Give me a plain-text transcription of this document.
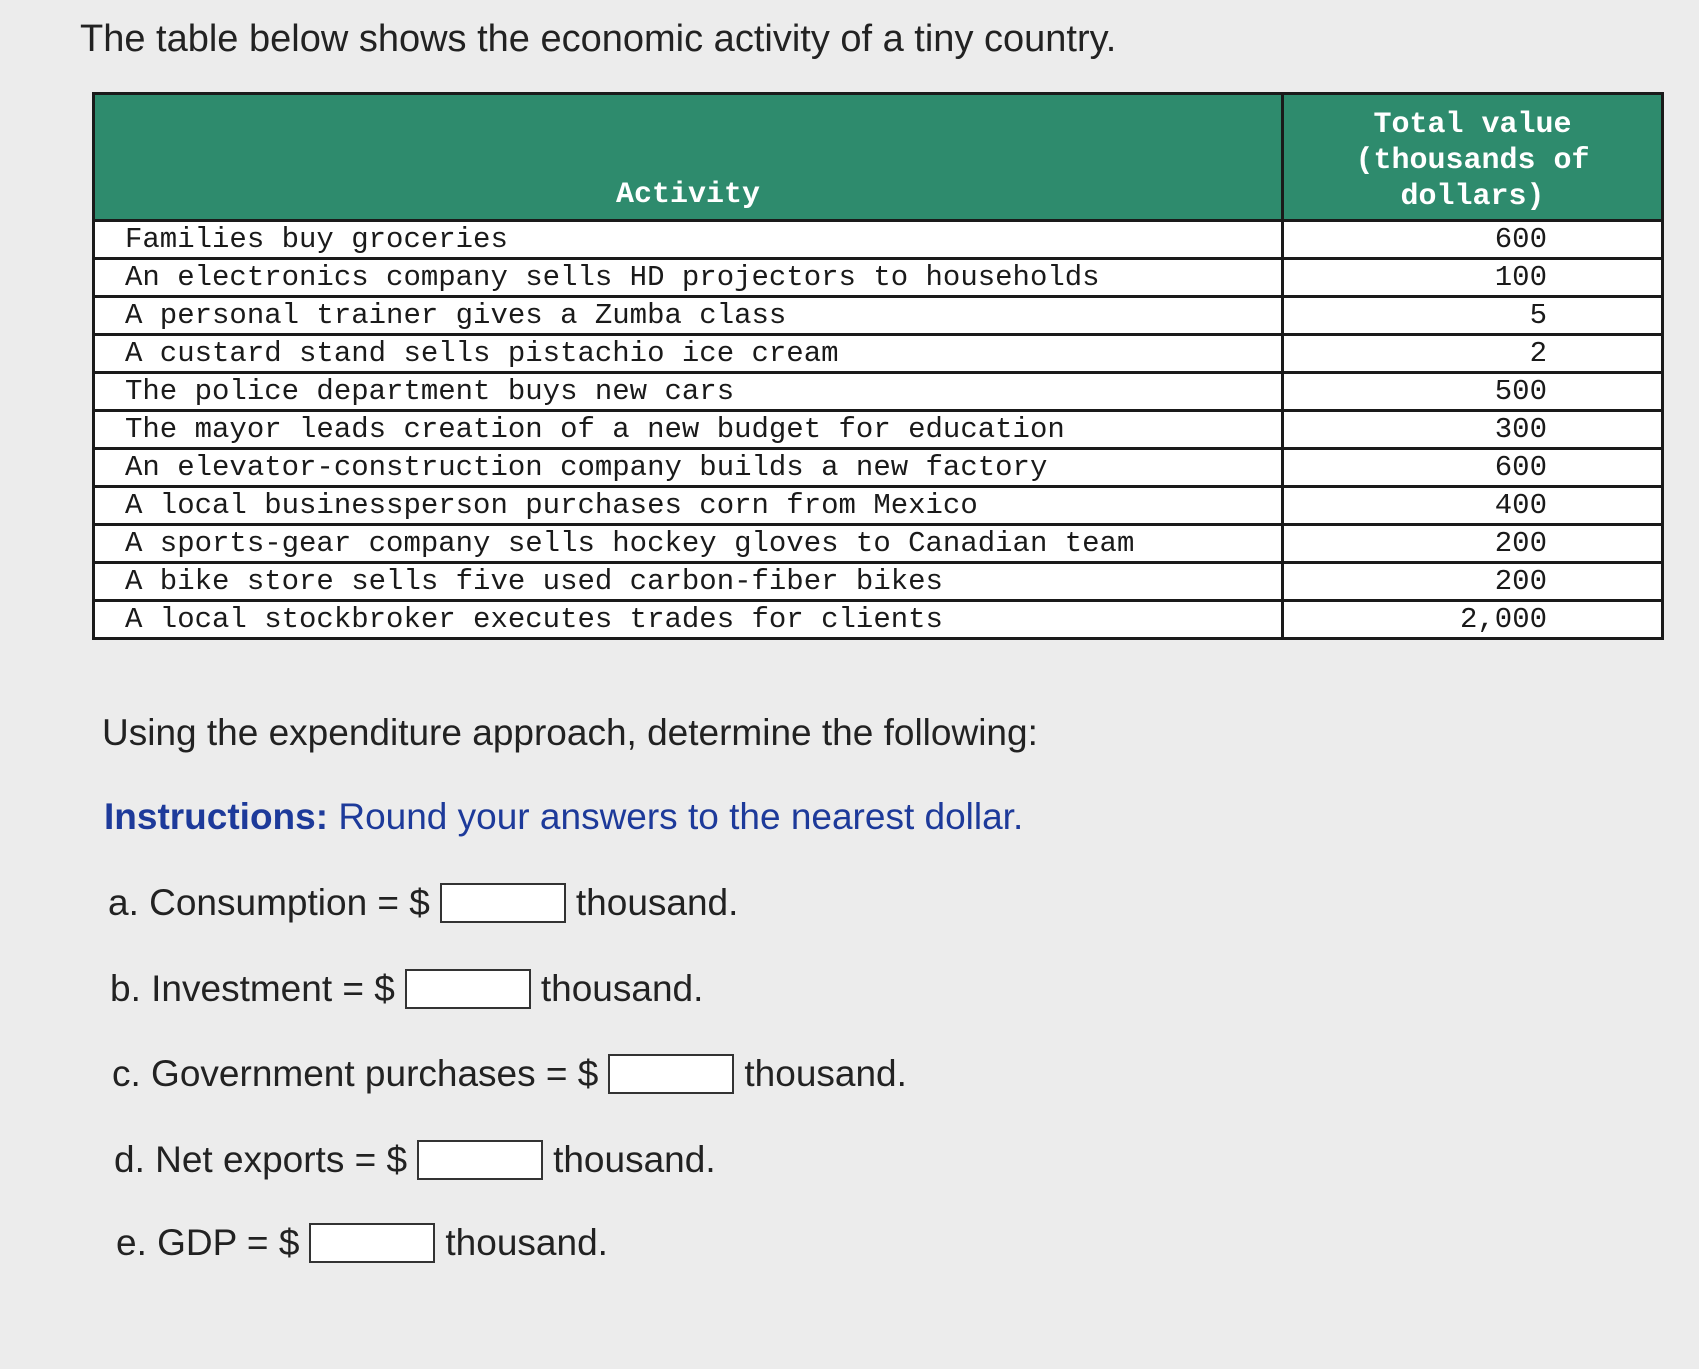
The table below shows the economic activity of a tiny country.
Activity	Total value
(thousands of
dollars)

Families buy groceries	600
An electronics company sells HD projectors to households	100
A personal trainer gives a Zumba class	5
A custard stand sells pistachio ice cream	2
The police department buys new cars	500
The mayor leads creation of a new budget for education	300
An elevator-construction company builds a new factory	600
A local businessperson purchases corn from Mexico	400
A sports-gear company sells hockey gloves to Canadian team	200
A bike store sells five used carbon-fiber bikes	200
A local stockbroker executes trades for clients	2,000

Using the expenditure approach, determine the following:

Instructions: Round your answers to the nearest dollar.

a. Consumption = $	thousand.
b. Investment = $	thousand.
c. Government purchases = $	thousand.
d. Net exports = $	thousand.
e. GDP = $	thousand.
